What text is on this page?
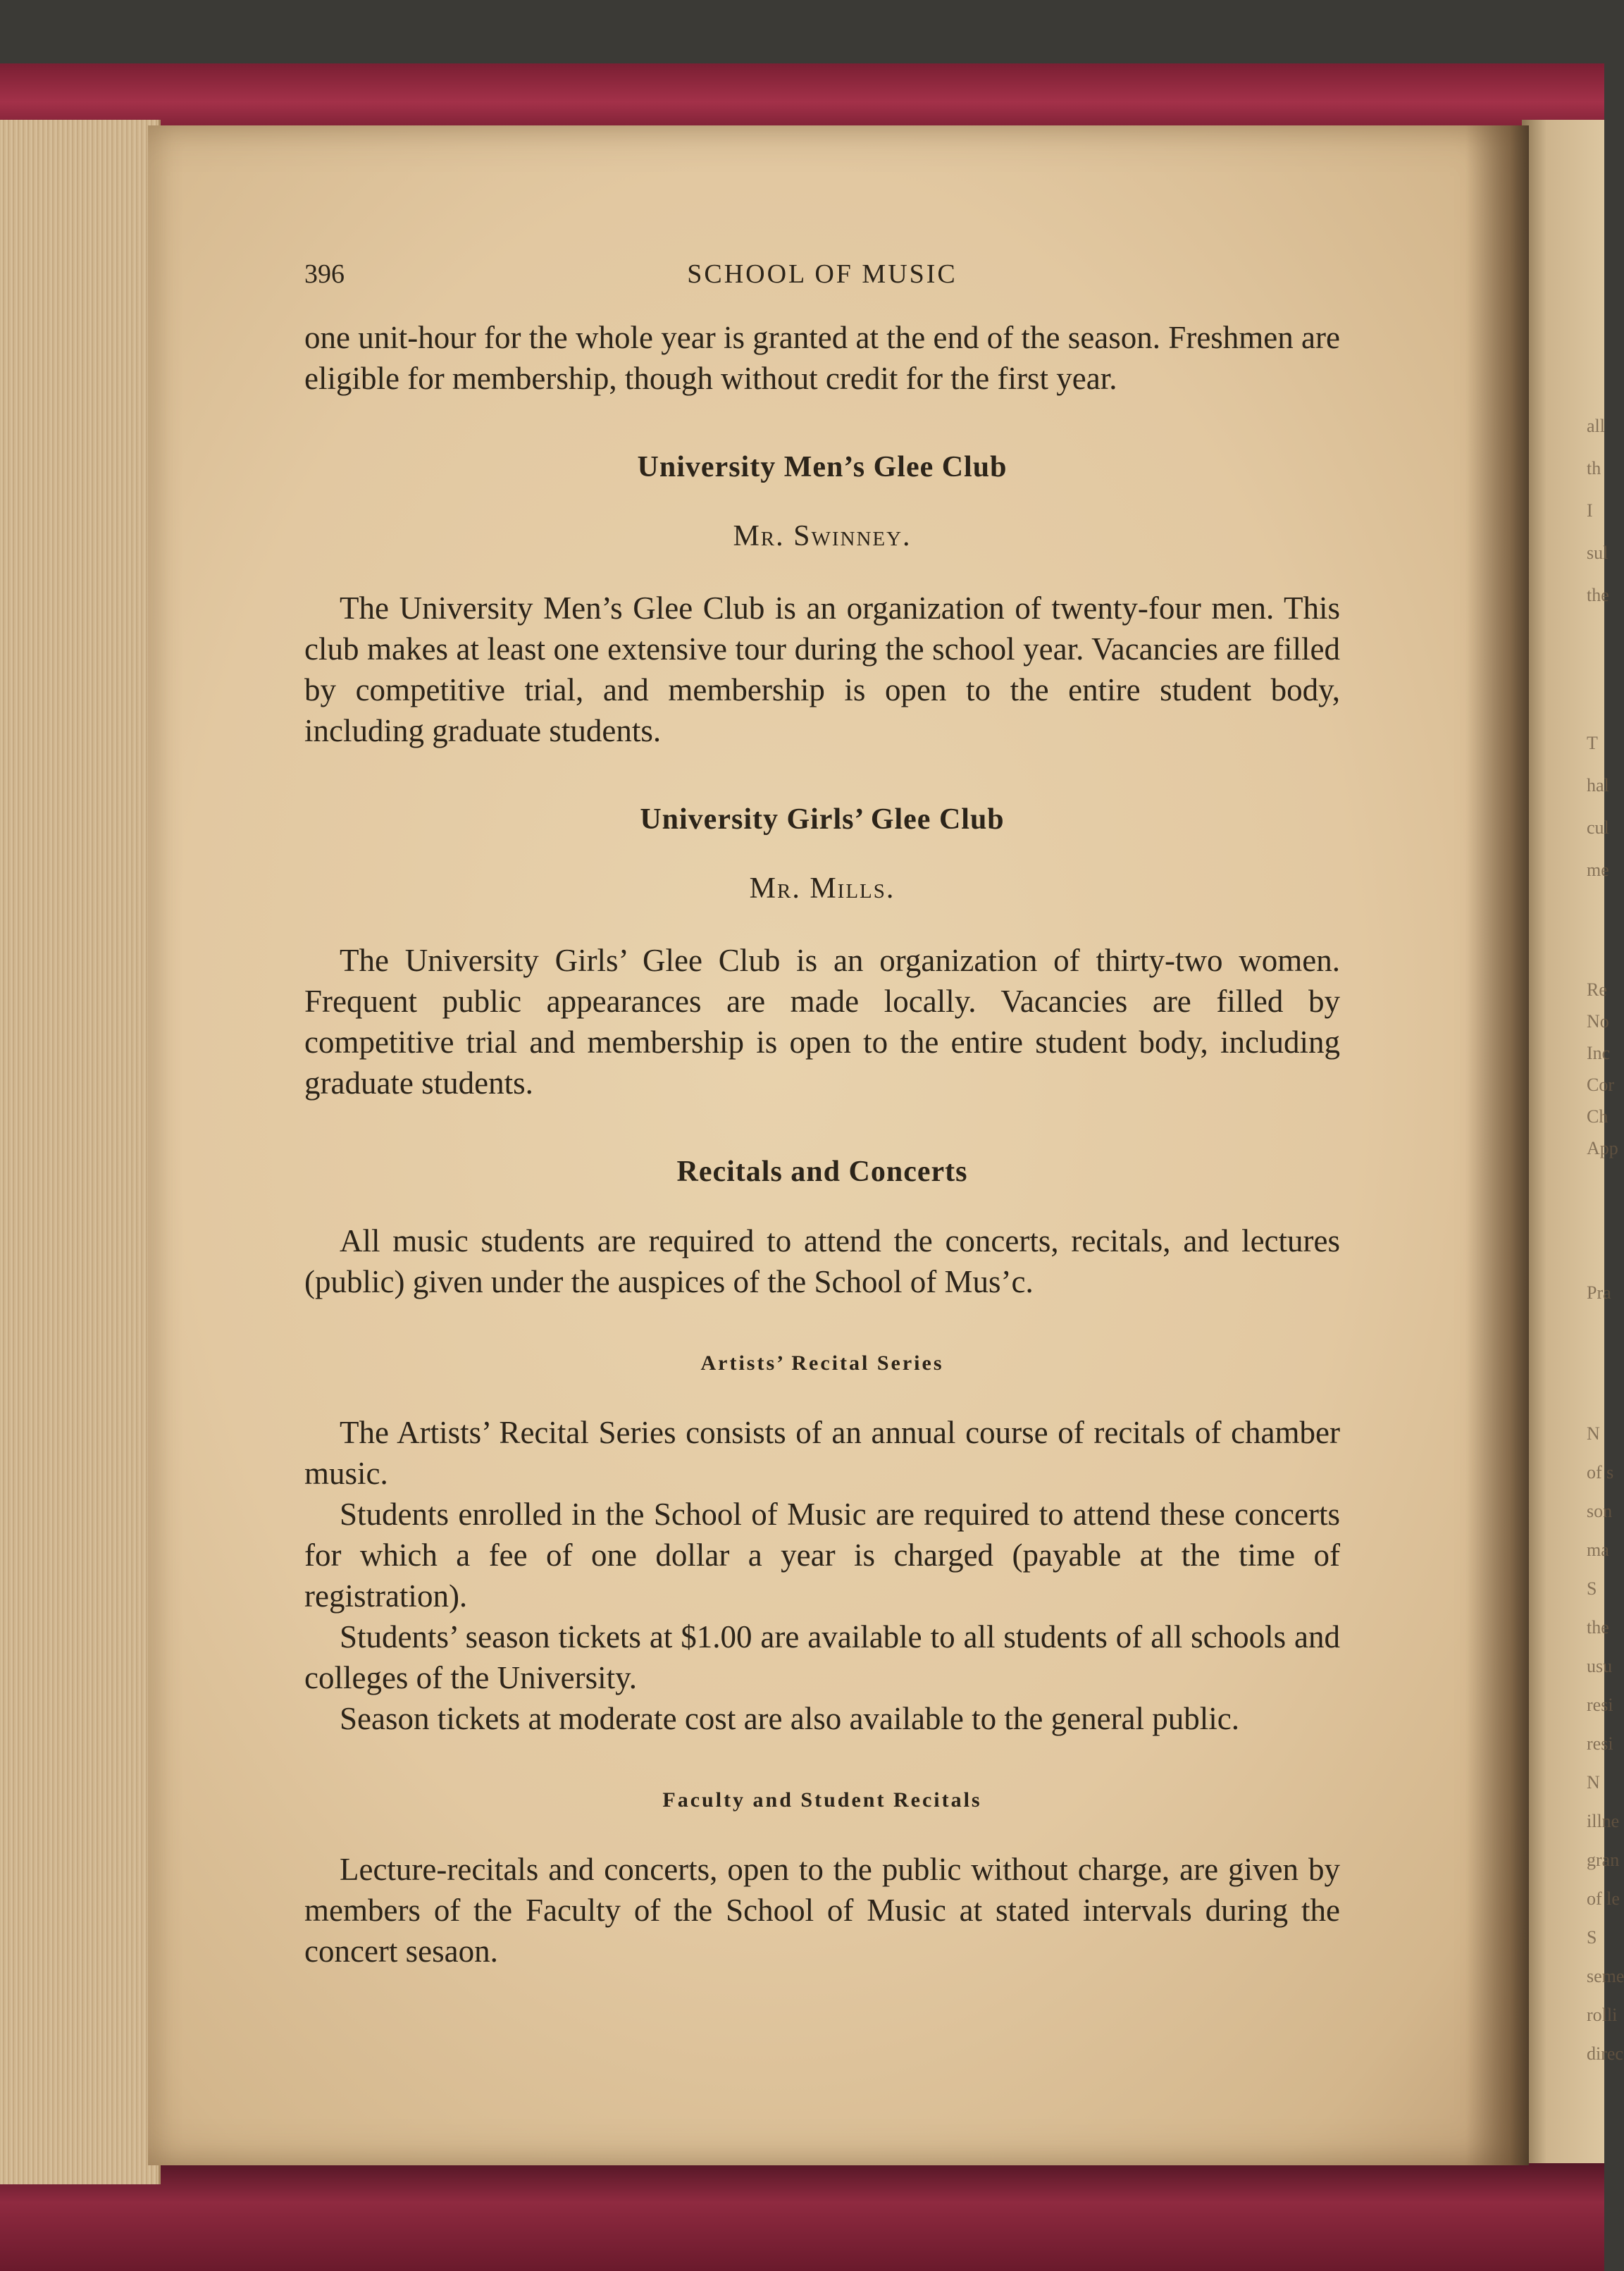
all
th
I
sul
the
T
hal
cul
me
Re
No
Inc
Cor
Ch
App
Pra
N
of s
son
ma
S
the
usu
resi
resi
N
illne
gran
of le
S
seme
rolli
direc
396	SCHOOL OF MUSIC

one unit-hour for the whole year is granted at the end of the season. Freshmen are eligible for membership, though without credit for the first year.

University Men’s Glee Club
Mr. Swinney.

The University Men’s Glee Club is an organization of twenty-four men. This club makes at least one extensive tour during the school year. Vacancies are filled by competitive trial, and membership is open to the entire student body, including graduate students.

University Girls’ Glee Club
Mr. Mills.

The University Girls’ Glee Club is an organization of thirty-two women. Frequent public appearances are made locally. Vacancies are filled by competitive trial and membership is open to the entire student body, including graduate students.

Recitals and Concerts

All music students are required to attend the concerts, recitals, and lectures (public) given under the auspices of the School of Mus’c.

Artists’ Recital Series

The Artists’ Recital Series consists of an annual course of recitals of chamber music.

Students enrolled in the School of Music are required to attend these concerts for which a fee of one dollar a year is charged (payable at the time of registration).

Students’ season tickets at $1.00 are available to all students of all schools and colleges of the University.

Season tickets at moderate cost are also available to the general public.

Faculty and Student Recitals

Lecture-recitals and concerts, open to the public without charge, are given by members of the Faculty of the School of Music at stated intervals during the concert sesaon.
